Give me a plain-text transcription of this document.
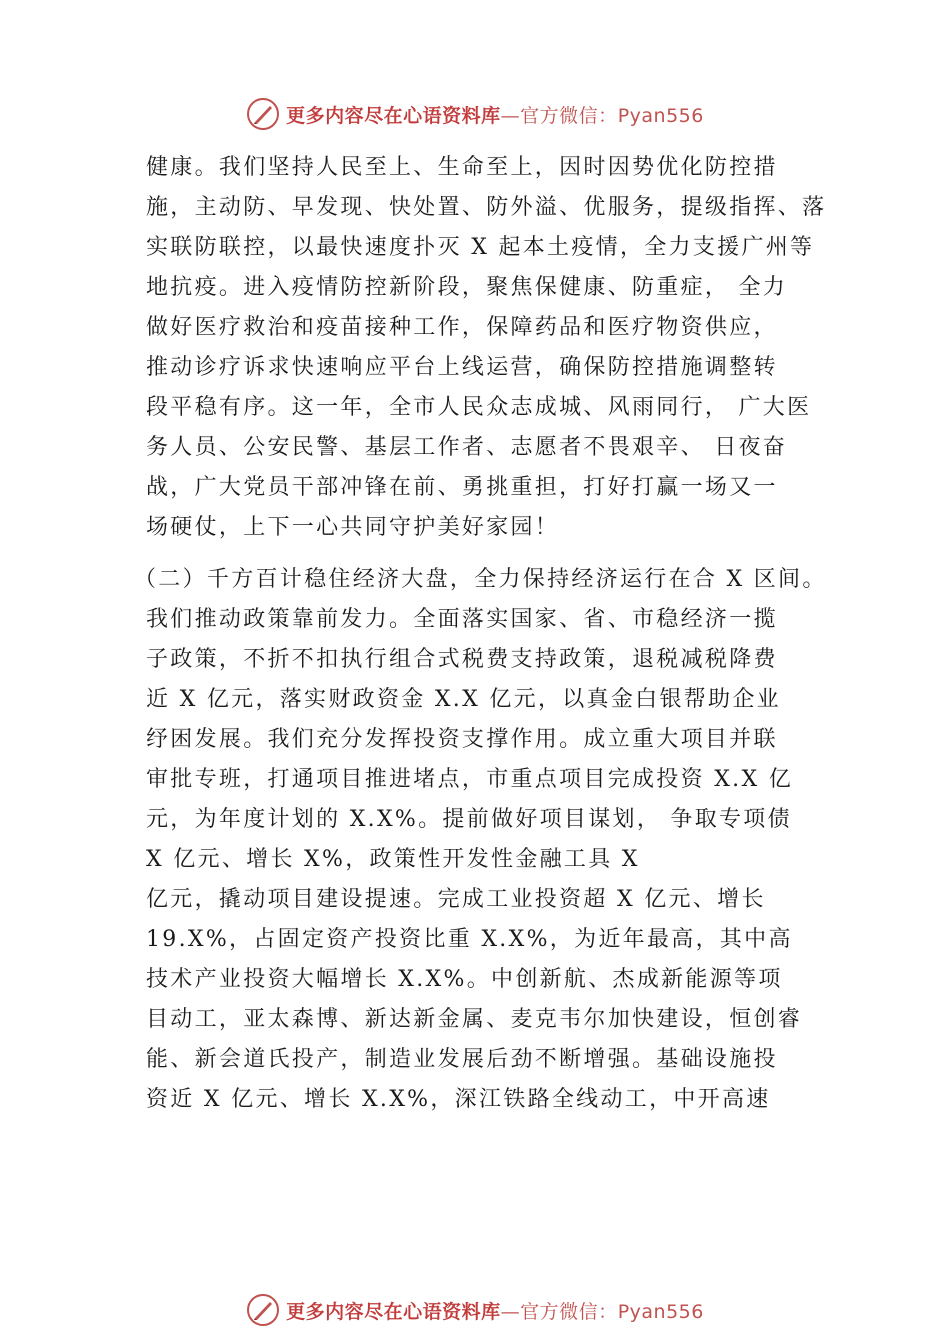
更多内容尽在心语资料库—官方微信：Pyan556

健康。我们坚持人民至上、生命至上，因时因势优化防控措
施，主动防、早发现、快处置、防外溢、优服务，提级指挥、落
实联防联控，以最快速度扑灭 X 起本土疫情，全力支援广州等
地抗疫。进入疫情防控新阶段，聚焦保健康、防重症， 全力
做好医疗救治和疫苗接种工作，保障药品和医疗物资供应，
推动诊疗诉求快速响应平台上线运营，确保防控措施调整转
段平稳有序。这一年，全市人民众志成城、风雨同行， 广大医
务人员、公安民警、基层工作者、志愿者不畏艰辛、 日夜奋
战，广大党员干部冲锋在前、勇挑重担，打好打赢一场又一
场硬仗，上下一心共同守护美好家园！

（二）千方百计稳住经济大盘，全力保持经济运行在合 X 区间。
我们推动政策靠前发力。全面落实国家、省、市稳经济一揽
子政策，不折不扣执行组合式税费支持政策，退税减税降费
近 X 亿元，落实财政资金 X.X 亿元，以真金白银帮助企业
纾困发展。我们充分发挥投资支撑作用。成立重大项目并联
审批专班，打通项目推进堵点，市重点项目完成投资 X.X 亿
元，为年度计划的 X.X%。提前做好项目谋划， 争取专项债
X 亿元、增长 X%，政策性开发性金融工具 X
亿元，撬动项目建设提速。完成工业投资超 X 亿元、增长
19.X%，占固定资产投资比重 X.X%，为近年最高，其中高
技术产业投资大幅增长 X.X%。中创新航、杰成新能源等项
目动工，亚太森博、新达新金属、麦克韦尔加快建设，恒创睿
能、新会道氏投产，制造业发展后劲不断增强。基础设施投
资近 X 亿元、增长 X.X%，深江铁路全线动工，中开高速

更多内容尽在心语资料库—官方微信：Pyan556
